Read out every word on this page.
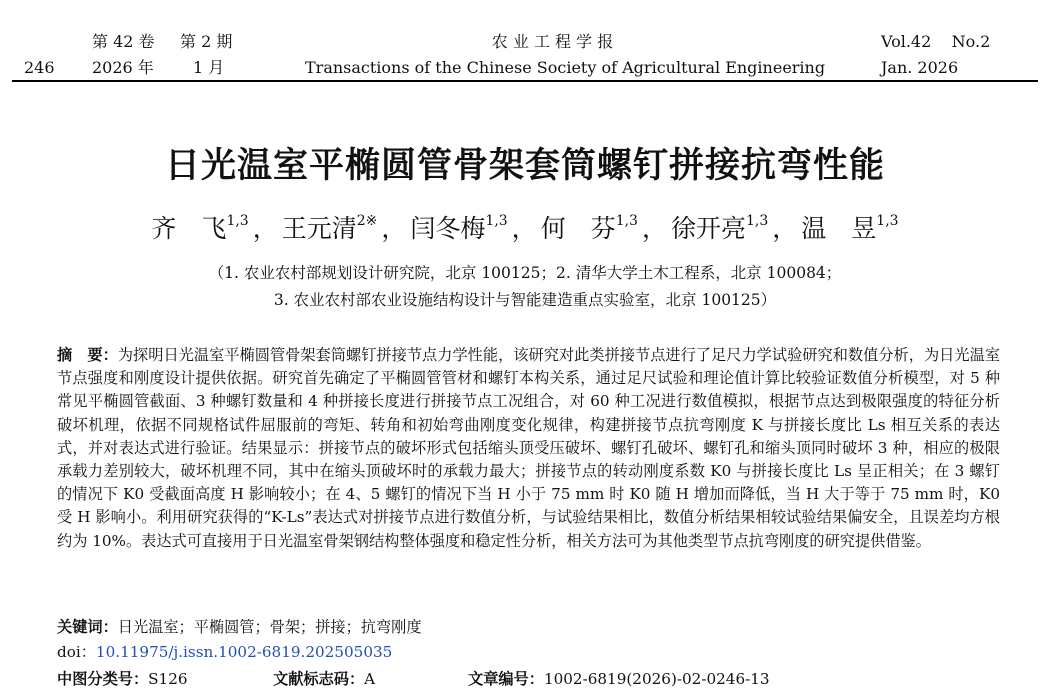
第 42 卷 第 2 期
246 2026 年 1 月
农 业 工 程 学 报
Transactions of the Chinese Society of Agricultural Engineering
Vol.42    No.2
Jan. 2026
日光温室平椭圆管骨架套筒螺钉拼接抗弯性能
齐　飞$^{1,3}$ ， 王元清$^{2※}$ ， 闫冬梅$^{1,3}$ ， 何　芬$^{1,3}$ ， 徐开亮$^{1,3}$ ， 温　昱$^{1,3}$
（1. 农业农村部规划设计研究院，北京 100125；2. 清华大学土木工程系，北京 100084；
3. 农业农村部农业设施结构设计与智能建造重点实验室，北京 100125）

摘　要：为探明日光温室平椭圆管骨架套筒螺钉拼接节点力学性能，该研究对此类拼接节点进行了足尺力学试验研究和数值分析，为日光温室节点强度和刚度设计提供依据。研究首先确定了平椭圆管管材和螺钉本构关系，通过足尺试验和理论值计算比较验证数值分析模型，对 5 种常见平椭圆管截面、3 种螺钉数量和 4 种拼接长度进行拼接节点工况组合，对 60 种工况进行数值模拟，根据节点达到极限强度的特征分析破坏机理，依据不同规格试件屈服前的弯矩、转角和初始弯曲刚度变化规律，构建拼接节点抗弯刚度 K 与拼接长度比 Ls 相互关系的表达式，并对表达式进行验证。结果显示：拼接节点的破坏形式包括缩头顶受压破坏、螺钉孔破坏、螺钉孔和缩头顶同时破坏 3 种，相应的极限承载力差别较大，破坏机理不同，其中在缩头顶破坏时的承载力最大；拼接节点的转动刚度系数 K0 与拼接长度比 Ls 呈正相关；在 3 螺钉的情况下 K0 受截面高度 H 影响较小；在 4、5 螺钉的情况下当 H 小于 75 mm 时 K0 随 H 增加而降低，当 H 大于等于 75 mm 时，K0 受 H 影响小。利用研究获得的“K-Ls”表达式对拼接节点进行数值分析，与试验结果相比，数值分析结果相较试验结果偏安全，且误差均方根约为 10%。表达式可直接用于日光温室骨架钢结构整体强度和稳定性分析，相关方法可为其他类型节点抗弯刚度的研究提供借鉴。

关键词：日光温室；平椭圆管；骨架；拼接；抗弯刚度
doi：10.11975/j.issn.1002-6819.202505035
中图分类号：S126	文献标志码：A	文章编号：1002-6819(2026)-02-0246-13
